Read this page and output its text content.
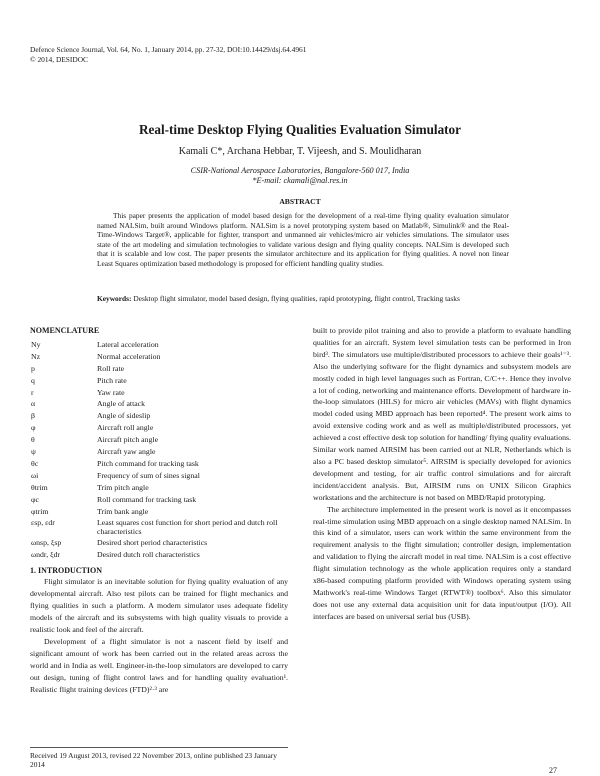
Defence Science Journal, Vol. 64, No. 1, January 2014, pp. 27-32, DOI:10.14429/dsj.64.4961
© 2014, DESIDOC
Real-time Desktop Flying Qualities Evaluation Simulator
Kamali C*, Archana Hebbar, T. Vijeesh, and S. Moulidharan
CSIR-National Aerospace Laboratories, Bangalore-560 017, India
*E-mail: ckamali@nal.res.in
ABSTRACT
This paper presents the application of model based design for the development of a real-time flying quality evaluation simulator named NALSim, built around Windows platform. NALSim is a novel prototyping system based on Matlab®, Simulink® and the Real-Time-Windows Target®, applicable for fighter, transport and unmanned air vehicles/micro air vehicles simulations. The simulator uses state of the art modeling and simulation technologies to validate various design and flying quality concepts. NALSim is developed such that it is scalable and low cost. The paper presents the simulator architecture and its application for flying qualities. A novel non linear Least Squares optimization based methodology is proposed for efficient handling quality studies.
Keywords: Desktop flight simulator, model based design, flying qualities, rapid prototyping, flight control, Tracking tasks
NOMENCLATURE
Ny	Lateral acceleration
Nz	Normal acceleration
p	Roll rate
q	Pitch rate
r	Yaw rate
α	Angle of attack
β	Angle of sideslip
φ	Aircraft roll angle
θ	Aircraft pitch angle
ψ	Aircraft yaw angle
θc	Pitch command for tracking task
ωi	Frequency of sum of sines signal
θtrim	Trim pitch angle
φc	Roll command for tracking task
φtrim	Trim bank angle
εsp, εdr	Least squares cost function for short period and dutch roll characteristics
ωnsp, ξsp	Desired short period characteristics
ωndr, ξdr	Desired dutch roll characteristics
1. INTRODUCTION

Flight simulator is an inevitable solution for flying quality evaluation of any developmental aircraft. Also test pilots can be trained for flight mechanics and flying qualities in such a platform. A modern simulator uses adequate fidelity models of the aircraft and its subsystems with high quality visuals to provide a realistic look and feel of the aircraft.

Development of a flight simulator is not a nascent field by itself and significant amount of work has been carried out in the related areas across the world and in India as well. Engineer-in-the-loop simulators are developed to carry out design, tuning of flight control laws and for handling quality evaluation¹. Realistic flight training devices (FTD)²·³ are

built to provide pilot training and also to provide a platform to evaluate handling qualities for an aircraft. System level simulation tests can be performed in Iron bird³. The simulators use multiple/distributed processors to achieve their goals¹⁻³. Also the underlying software for the flight dynamics and subsystem models are mostly coded in high level languages such as Fortran, C/C++. Hence they involve a lot of coding, networking and maintenance efforts. Development of hardware in-the-loop simulators (HILS) for micro air vehicles (MAVs) with flight dynamics model coded using MBD approach has been reported⁴. The present work aims to avoid extensive coding work and as well as multiple/distributed processors, yet achieved a cost effective desk top solution for handling/ flying quality evaluations. Similar work named AIRSIM has been carried out at NLR, Netherlands which is also a PC based desktop simulator⁵. AIRSIM is specially developed for avionics development and testing, for air traffic control simulations and for aircraft incident/accident analysis. But, AIRSIM runs on UNIX Silicon Graphics workstations and the architecture is not based on MBD/Rapid prototyping.

The architecture implemented in the present work is novel as it encompasses real-time simulation using MBD approach on a single desktop named NALSim. In this kind of a simulator, users can work within the same environment from the requirement analysis to the flight simulation; controller design, implementation and validation to flying the aircraft model in real time. NALSim is a cost effective flight simulation technology as the whole application requires only a standard x86-based computing platform provided with Windows operating system using Mathwork's real-time Windows Target (RTWT®) toolbox⁶. Also this simulator does not use any external data acquisition unit for data input/output (I/O). All interfaces are based on universal serial bus (USB).

Received 19 August 2013, revised 22 November 2013, online published 23 January 2014
27
